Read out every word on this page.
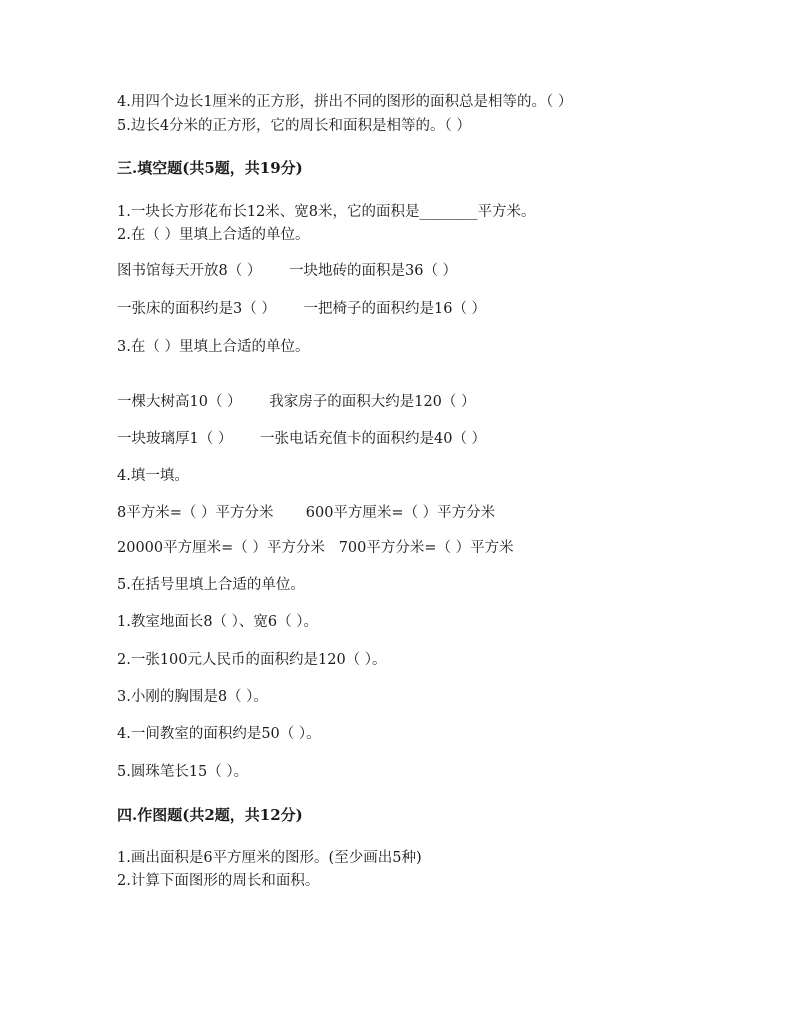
4.用四个边长1厘米的正方形，拼出不同的图形的面积总是相等的。（ ）
5.边长4分米的正方形，它的周长和面积是相等的。（ ）
三.填空题(共5题，共19分)
1.一块长方形花布长12米、宽8米，它的面积是________平方米。
2.在（ ）里填上合适的单位。
图书馆每天开放8（ ）      一块地砖的面积是36（ ）
一张床的面积约是3（ ）      一把椅子的面积约是16（ ）
3.在（ ）里填上合适的单位。
一棵大树高10（ ）      我家房子的面积大约是120（ ）
一块玻璃厚1（ ）      一张电话充值卡的面积约是40（ ）
4.填一填。
8平方米=（ ）平方分米       600平方厘米=（ ）平方分米
20000平方厘米=（ ）平方分米   700平方分米=（ ）平方米
5.在括号里填上合适的单位。
1.教室地面长8（ ）、宽6（ ）。
2.一张100元人民币的面积约是120（ ）。
3.小刚的胸围是8（ ）。
4.一间教室的面积约是50（ ）。
5.圆珠笔长15（ ）。
四.作图题(共2题，共12分)
1.画出面积是6平方厘米的图形。(至少画出5种)
2.计算下面图形的周长和面积。
